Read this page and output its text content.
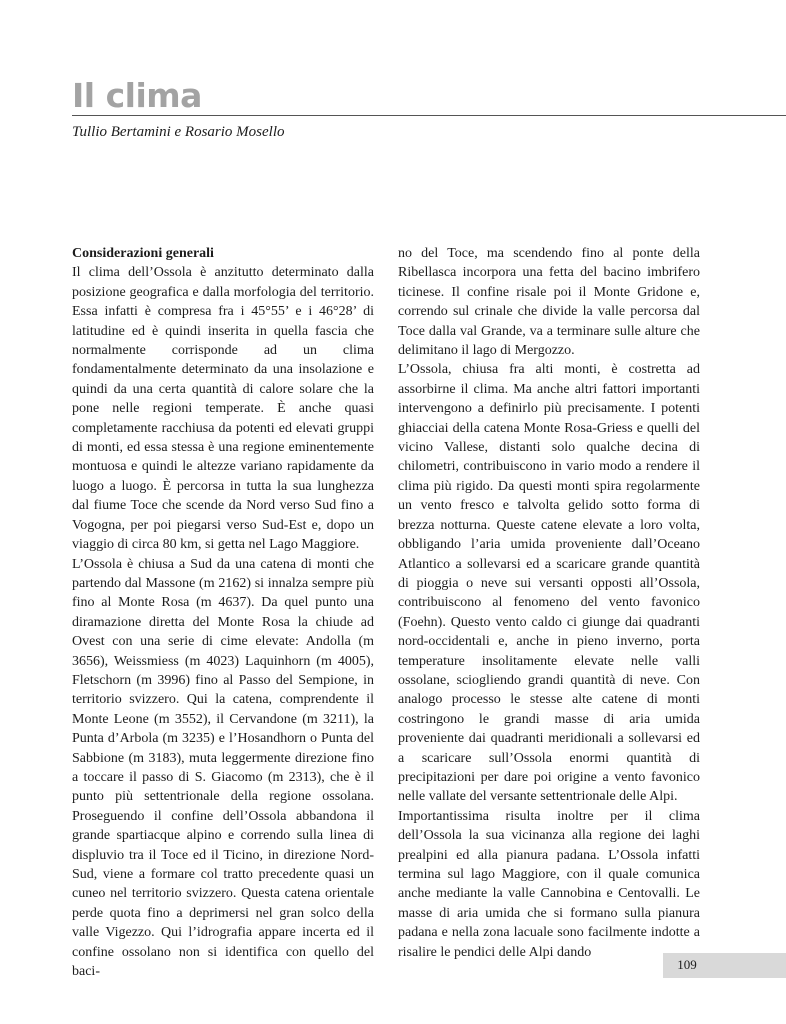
Il clima

Tullio Bertamini e Rosario Mosello

Considerazioni generali

Il clima dell’Ossola è anzitutto determinato dalla posizione geografica e dalla morfologia del territorio. Essa infatti è compresa fra i 45°55’ e i 46°28’ di latitudine ed è quindi inserita in quella fascia che normalmente corrisponde ad un clima fondamentalmente determinato da una insolazione e quindi da una certa quantità di calore solare che la pone nelle regioni temperate. È anche quasi completamente racchiusa da potenti ed elevati gruppi di monti, ed essa stessa è una regione eminentemente montuosa e quindi le altezze variano rapidamente da luogo a luogo. È percorsa in tutta la sua lunghezza dal fiume Toce che scende da Nord verso Sud fino a Vogogna, per poi piegarsi verso Sud-Est e, dopo un viaggio di circa 80 km, si getta nel Lago Maggiore.

L’Ossola è chiusa a Sud da una catena di monti che partendo dal Massone (m 2162) si innalza sempre più fino al Monte Rosa (m 4637). Da quel punto una diramazione diretta del Monte Rosa la chiude ad Ovest con una serie di cime elevate: Andolla (m 3656), Weissmiess (m 4023) Laquinhorn (m 4005), Fletschorn (m 3996) fino al Passo del Sempione, in territorio svizzero. Qui la catena, comprendente il Monte Leone (m 3552), il Cervandone (m 3211), la Punta d’Arbola (m 3235) e l’Hosandhorn o Punta del Sabbione (m 3183), muta leggermente direzione fino a toccare il passo di S. Giacomo (m 2313), che è il punto più settentrionale della regione ossolana. Proseguendo il confine dell’Ossola abbandona il grande spartiacque alpino e correndo sulla linea di displuvio tra il Toce ed il Ticino, in direzione Nord-Sud, viene a formare col tratto precedente quasi un cuneo nel territorio svizzero. Questa catena orientale perde quota fino a deprimersi nel gran solco della valle Vigezzo. Qui l’idrografia appare incerta ed il confine ossolano non si identifica con quello del baci-

no del Toce, ma scendendo fino al ponte della Ribellasca incorpora una fetta del bacino imbrifero ticinese. Il confine risale poi il Monte Gridone e, correndo sul crinale che divide la valle percorsa dal Toce dalla val Grande, va a terminare sulle alture che delimitano il lago di Mergozzo.

L’Ossola, chiusa fra alti monti, è costretta ad assorbirne il clima. Ma anche altri fattori importanti intervengono a definirlo più precisamente. I potenti ghiacciai della catena Monte Rosa-Griess e quelli del vicino Vallese, distanti solo qualche decina di chilometri, contribuiscono in vario modo a rendere il clima più rigido. Da questi monti spira regolarmente un vento fresco e talvolta gelido sotto forma di brezza notturna. Queste catene elevate a loro volta, obbligando l’aria umida proveniente dall’Oceano Atlantico a sollevarsi ed a scaricare grande quantità di pioggia o neve sui versanti opposti all’Ossola, contribuiscono al fenomeno del vento favonico (Foehn). Questo vento caldo ci giunge dai quadranti nord-occidentali e, anche in pieno inverno, porta temperature insolitamente elevate nelle valli ossolane, sciogliendo grandi quantità di neve. Con analogo processo le stesse alte catene di monti costringono le grandi masse di aria umida proveniente dai quadranti meridionali a sollevarsi ed a scaricare sull’Ossola enormi quantità di precipitazioni per dare poi origine a vento favonico nelle vallate del versante settentrionale delle Alpi.

Importantissima risulta inoltre per il clima dell’Ossola la sua vicinanza alla regione dei laghi prealpini ed alla pianura padana. L’Ossola infatti termina sul lago Maggiore, con il quale comunica anche mediante la valle Cannobina e Centovalli. Le masse di aria umida che si formano sulla pianura padana e nella zona lacuale sono facilmente indotte a risalire le pendici delle Alpi dando

109
